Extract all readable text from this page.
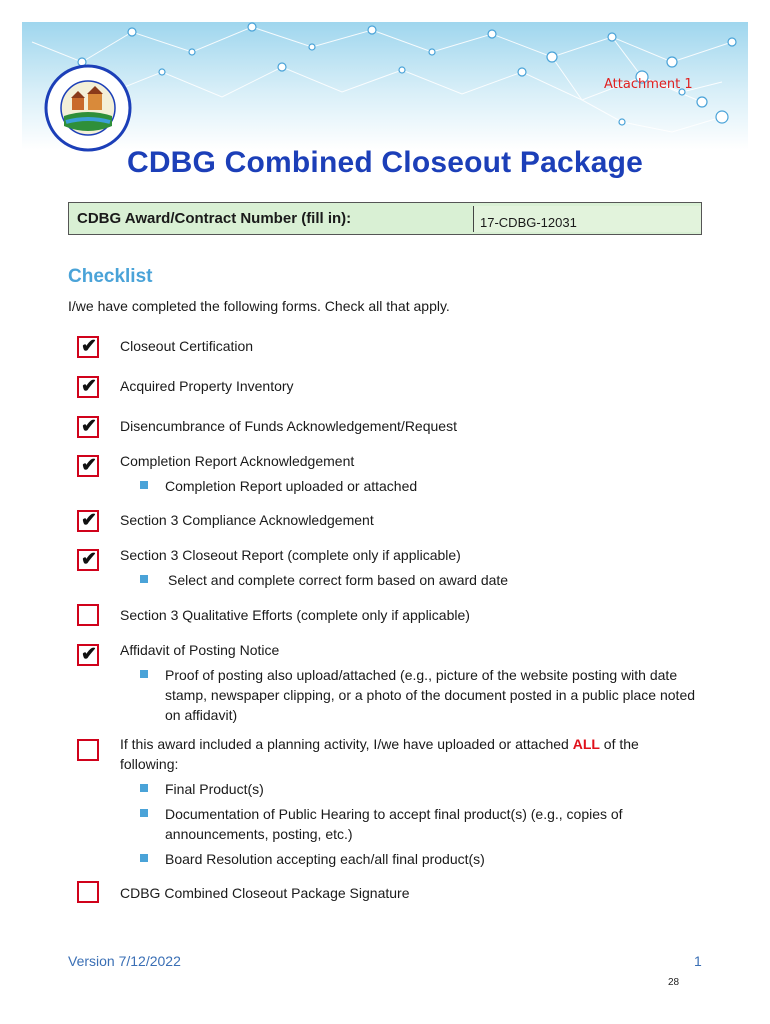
Attachment 1
CDBG Combined Closeout Package
CDBG Award/Contract Number (fill in):	17-CDBG-12031
Checklist
I/we have completed the following forms. Check all that apply.
✔ Closeout Certification
✔ Acquired Property Inventory
✔ Disencumbrance of Funds Acknowledgement/Request
✔ Completion Report Acknowledgement
Completion Report uploaded or attached
✔ Section 3 Compliance Acknowledgement
✔ Section 3 Closeout Report (complete only if applicable)
Select and complete correct form based on award date
Section 3 Qualitative Efforts (complete only if applicable)
✔ Affidavit of Posting Notice
Proof of posting also upload/attached (e.g., picture of the website posting with date stamp, newspaper clipping, or a photo of the document posted in a public place noted on affidavit)
If this award included a planning activity, I/we have uploaded or attached ALL of the following:
Final Product(s)
Documentation of Public Hearing to accept final product(s) (e.g., copies of announcements, posting, etc.)
Board Resolution accepting each/all final product(s)
CDBG Combined Closeout Package Signature
Version 7/12/2022	1
28
